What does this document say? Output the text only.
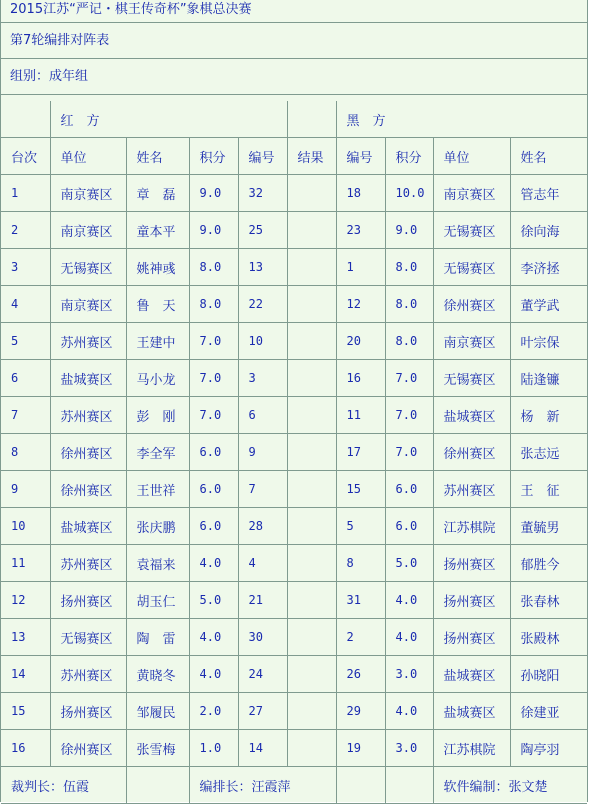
2015江苏“严记・棋王传奇杯”象棋总决赛
第7轮编排对阵表
组别：成年组
	红　方					黑　方			
台次	单位	姓名	积分	编号	结果	编号	积分	单位	姓名
1	南京赛区	章　磊	9.0	32		18	10.0	南京赛区	管志年
2	南京赛区	童本平	9.0	25		23	9.0	无锡赛区	徐向海
3	无锡赛区	姚神彧	8.0	13		1	8.0	无锡赛区	李济拯
4	南京赛区	鲁　天	8.0	22		12	8.0	徐州赛区	董学武
5	苏州赛区	王建中	7.0	10		20	8.0	南京赛区	叶宗保
6	盐城赛区	马小龙	7.0	3		16	7.0	无锡赛区	陆逢镰
7	苏州赛区	彭　刚	7.0	6		11	7.0	盐城赛区	杨　新
8	徐州赛区	李全军	6.0	9		17	7.0	徐州赛区	张志远
9	徐州赛区	王世祥	6.0	7		15	6.0	苏州赛区	王　征
10	盐城赛区	张庆鹏	6.0	28		5	6.0	江苏棋院	董毓男
11	苏州赛区	袁福来	4.0	4		8	5.0	扬州赛区	郁胜今
12	扬州赛区	胡玉仁	5.0	21		31	4.0	扬州赛区	张春林
13	无锡赛区	陶　雷	4.0	30		2	4.0	扬州赛区	张殿林
14	苏州赛区	黄晓冬	4.0	24		26	3.0	盐城赛区	孙晓阳
15	扬州赛区	邹履民	2.0	27		29	4.0	盐城赛区	徐建亚
16	徐州赛区	张雪梅	1.0	14		19	3.0	江苏棋院	陶亭羽
裁判长：伍霞			编排长：汪霞萍					软件编制：张文楚	
